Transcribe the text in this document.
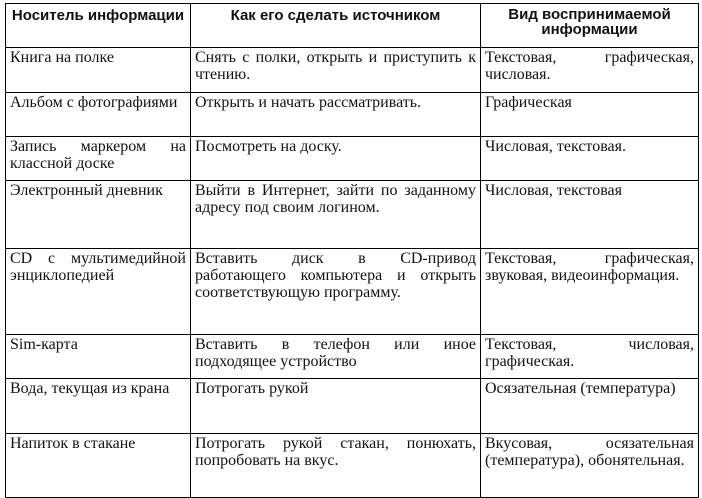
Носитель информации	Как его сделать источником	Вид воспринимаемой информации
Книга на полке	Снять с полки, открыть и приступить к чтению.	Текстовая, графическая, числовая.
Альбом с фотографиями	Открыть и начать рассматривать.	Графическая
Запись маркером на классной доске	Посмотреть на доску.	Числовая, текстовая.
Электронный дневник	Выйти в Интернет, зайти по заданному адресу под своим логином.	Числовая, текстовая
CD с мультимедийной энциклопедией	Вставить диск в CD-привод работающего компьютера и открыть соответствующую программу.	Текстовая, графическая, звуковая, видеоинформация.
Sim-карта	Вставить в телефон или иное подходящее устройство	Текстовая, числовая, графическая.
Вода, текущая из крана	Потрогать рукой	Осязательная (температура)
Напиток в стакане	Потрогать рукой стакан, понюхать, попробовать на вкус.	Вкусовая, осязательная (температура), обонятельная.
